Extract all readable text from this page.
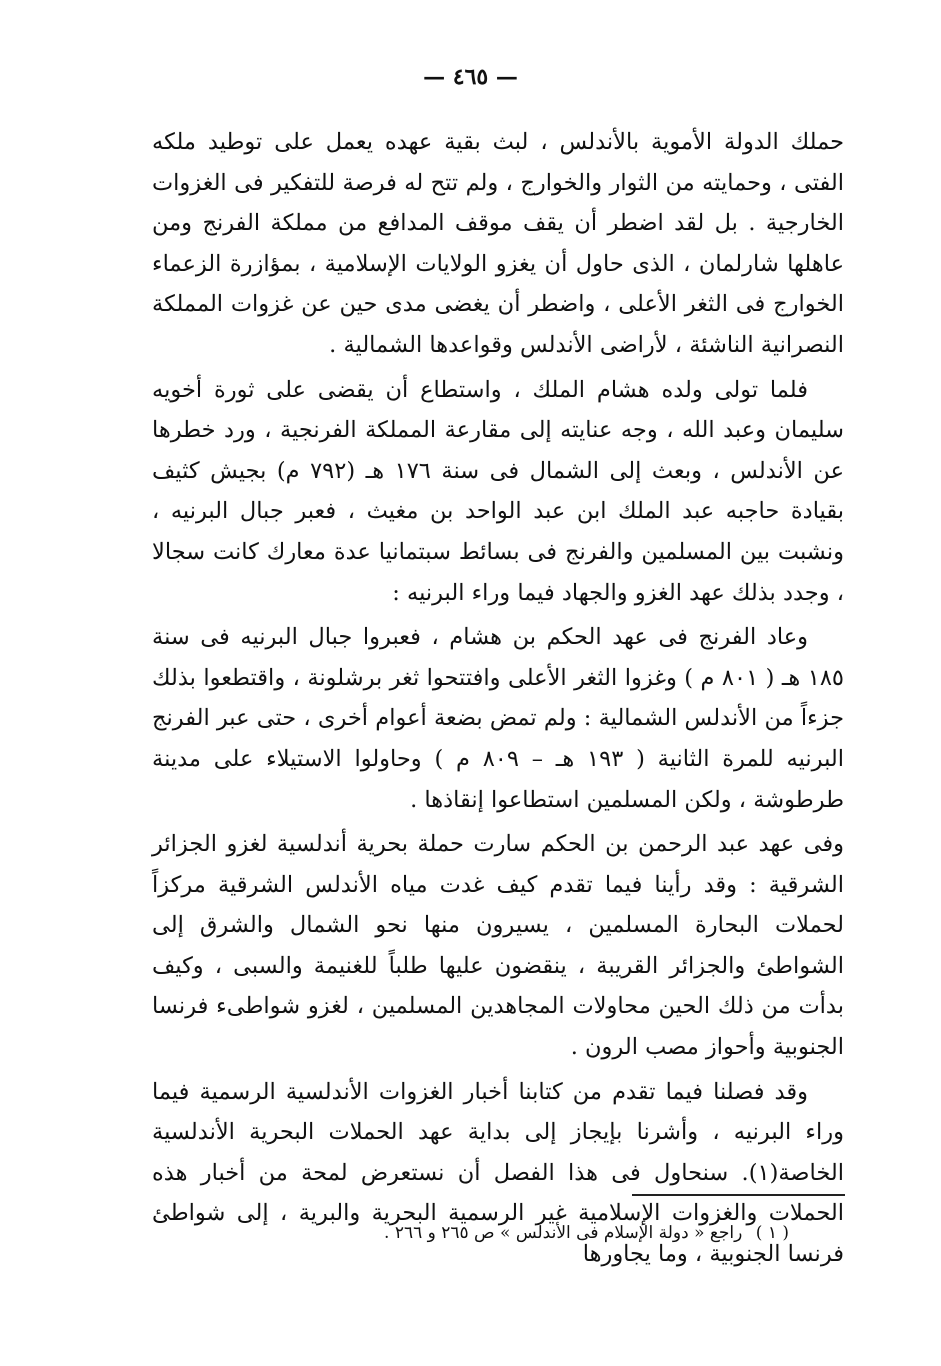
— ٤٦٥ —

حملك الدولة الأموية بالأندلس ، لبث بقية عهده يعمل على توطيد ملكه الفتى ، وحمايته من الثوار والخوارج ، ولم تتح له فرصة للتفكير فى الغزوات الخارجية . بل لقد اضطر أن يقف موقف المدافع من مملكة الفرنج ومن عاهلها شارلمان ، الذى حاول أن يغزو الولايات الإسلامية ، بمؤازرة الزعماء الخوارج فى الثغر الأعلى ، واضطر أن يغضى مدى حين عن غزوات المملكة النصرانية الناشئة ، لأراضى الأندلس وقواعدها الشمالية .

فلما تولى ولده هشام الملك ، واستطاع أن يقضى على ثورة أخويه سليمان وعبد الله ، وجه عنايته إلى مقارعة المملكة الفرنجية ، ورد خطرها عن الأندلس ، وبعث إلى الشمال فى سنة ١٧٦ هـ (٧٩٢ م) بجيش كثيف بقيادة حاجبه عبد الملك ابن عبد الواحد بن مغيث ، فعبر جبال البرنيه ، ونشبت بين المسلمين والفرنج فى بسائط سبتمانيا عدة معارك كانت سجالا ، وجدد بذلك عهد الغزو والجهاد فيما وراء البرنيه :

وعاد الفرنج فى عهد الحكم بن هشام ، فعبروا جبال البرنيه فى سنة ١٨٥ هـ ( ٨٠١ م ) وغزوا الثغر الأعلى وافتتحوا ثغر برشلونة ، واقتطعوا بذلك جزءاً من الأندلس الشمالية : ولم تمض بضعة أعوام أخرى ، حتى عبر الفرنج البرنيه للمرة الثانية ( ١٩٣ هـ – ٨٠٩ م ) وحاولوا الاستيلاء على مدينة طرطوشة ، ولكن المسلمين استطاعوا إنقاذها .

وفى عهد عبد الرحمن بن الحكم سارت حملة بحرية أندلسية لغزو الجزائر الشرقية : وقد رأينا فيما تقدم كيف غدت مياه الأندلس الشرقية مركزاً لحملات البحارة المسلمين ، يسيرون منها نحو الشمال والشرق إلى الشواطئ والجزائر القريبة ، ينقضون عليها طلباً للغنيمة والسبى ، وكيف بدأت من ذلك الحين محاولات المجاهدين المسلمين ، لغزو شواطىء فرنسا الجنوبية وأحواز مصب الرون .

وقد فصلنا فيما تقدم من كتابنا أخبار الغزوات الأندلسية الرسمية فيما وراء البرنيه ، وأشرنا بإيجاز إلى بداية عهد الحملات البحرية الأندلسية الخاصة(١). سنحاول فى هذا الفصل أن نستعرض لمحة من أخبار هذه الحملات والغزوات الإسلامية غير الرسمية البحرية والبرية ، إلى شواطئ فرنسا الجنوبية ، وما يجاورها

( ١ ) راجع « دولة الإسلام فى الأندلس » ص ٢٦٥ و ٢٦٦ .
